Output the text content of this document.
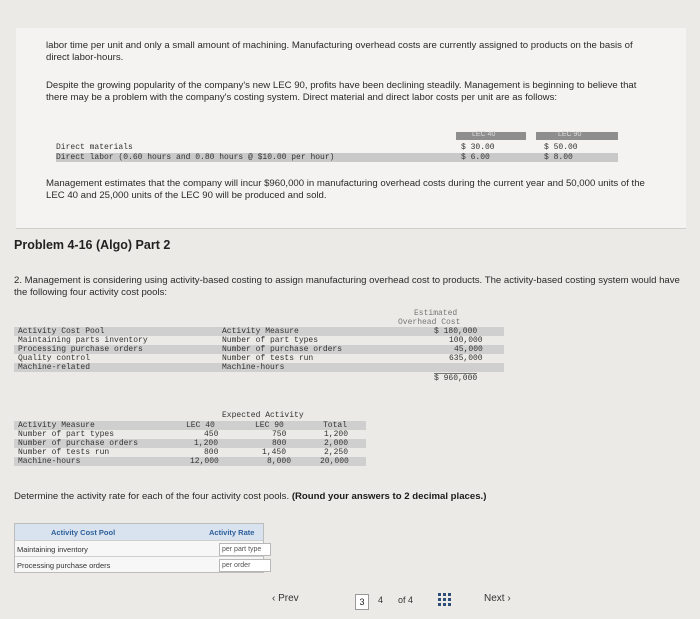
labor time per unit and only a small amount of machining. Manufacturing overhead costs are currently assigned to products on the basis of direct labor-hours.
Despite the growing popularity of the company's new LEC 90, profits have been declining steadily. Management is beginning to believe that there may be a problem with the company's costing system. Direct material and direct labor costs per unit are as follows:
LEC 40	LEC 90
Direct materials	$ 30.00	$ 50.00
Direct labor (0.60 hours and 0.80 hours @ $10.00 per hour)	$ 6.00	$ 8.00
Management estimates that the company will incur $960,000 in manufacturing overhead costs during the current year and 50,000 units of the LEC 40 and 25,000 units of the LEC 90 will be produced and sold.
Problem 4-16 (Algo) Part 2
2. Management is considering using activity-based costing to assign manufacturing overhead cost to products. The activity-based costing system would have the following four activity cost pools:
Estimated
Overhead Cost
Activity Cost Pool	Activity Measure	$ 180,000
Maintaining parts inventory	Number of part types	100,000
Processing purchase orders	Number of purchase orders	45,000
Quality control	Number of tests run	635,000
Machine-related	Machine-hours
$ 960,000
Expected Activity
Activity Measure	LEC 40	LEC 90	Total
Number of part types	450	750	1,200
Number of purchase orders	1,200	800	2,000
Number of tests run	800	1,450	2,250
Machine-hours	12,000	8,000	20,000
Determine the activity rate for each of the four activity cost pools. (Round your answers to 2 decimal places.)
Activity Cost Pool	Activity Rate
Maintaining inventory	per part type
Processing purchase orders	per order
‹ Prev	3	4 of 4	Next ›
